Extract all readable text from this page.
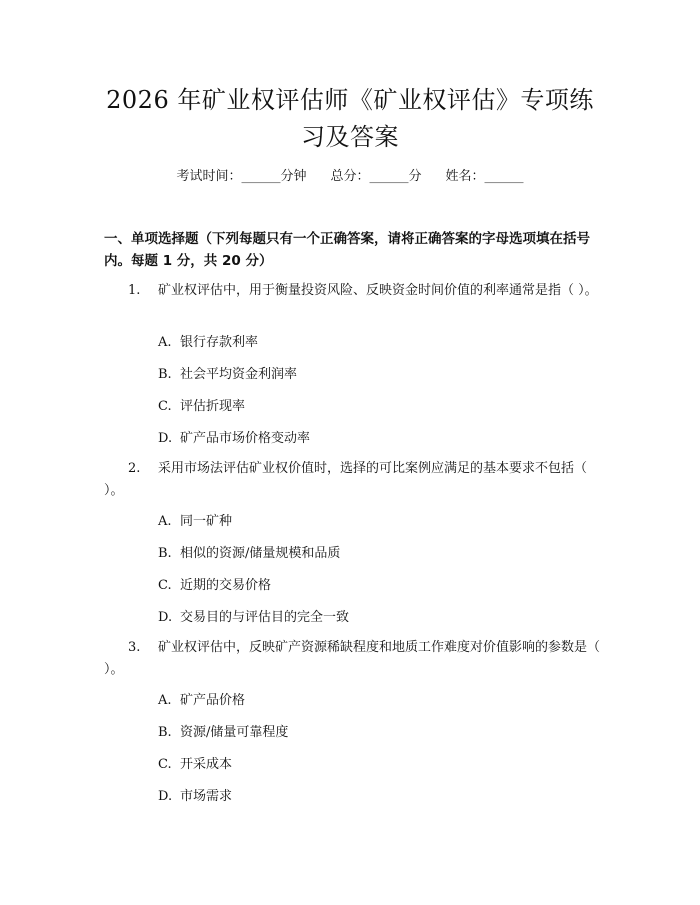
2026 年矿业权评估师《矿业权评估》专项练
习及答案
考试时间：______分钟 总分：______分 姓名：______
一、单项选择题（下列每题只有一个正确答案，请将正确答案的字母选项填在括号内。每题 1 分，共 20 分）
1. 矿业权评估中，用于衡量投资风险、反映资金时间价值的利率通常是指（ ）。
A. 银行存款利率
B. 社会平均资金利润率
C. 评估折现率
D. 矿产品市场价格变动率
2. 采用市场法评估矿业权价值时，选择的可比案例应满足的基本要求不包括（ ）。
A. 同一矿种
B. 相似的资源/储量规模和品质
C. 近期的交易价格
D. 交易目的与评估目的完全一致
3. 矿业权评估中，反映矿产资源稀缺程度和地质工作难度对价值影响的参数是（ ）。
A. 矿产品价格
B. 资源/储量可靠程度
C. 开采成本
D. 市场需求
